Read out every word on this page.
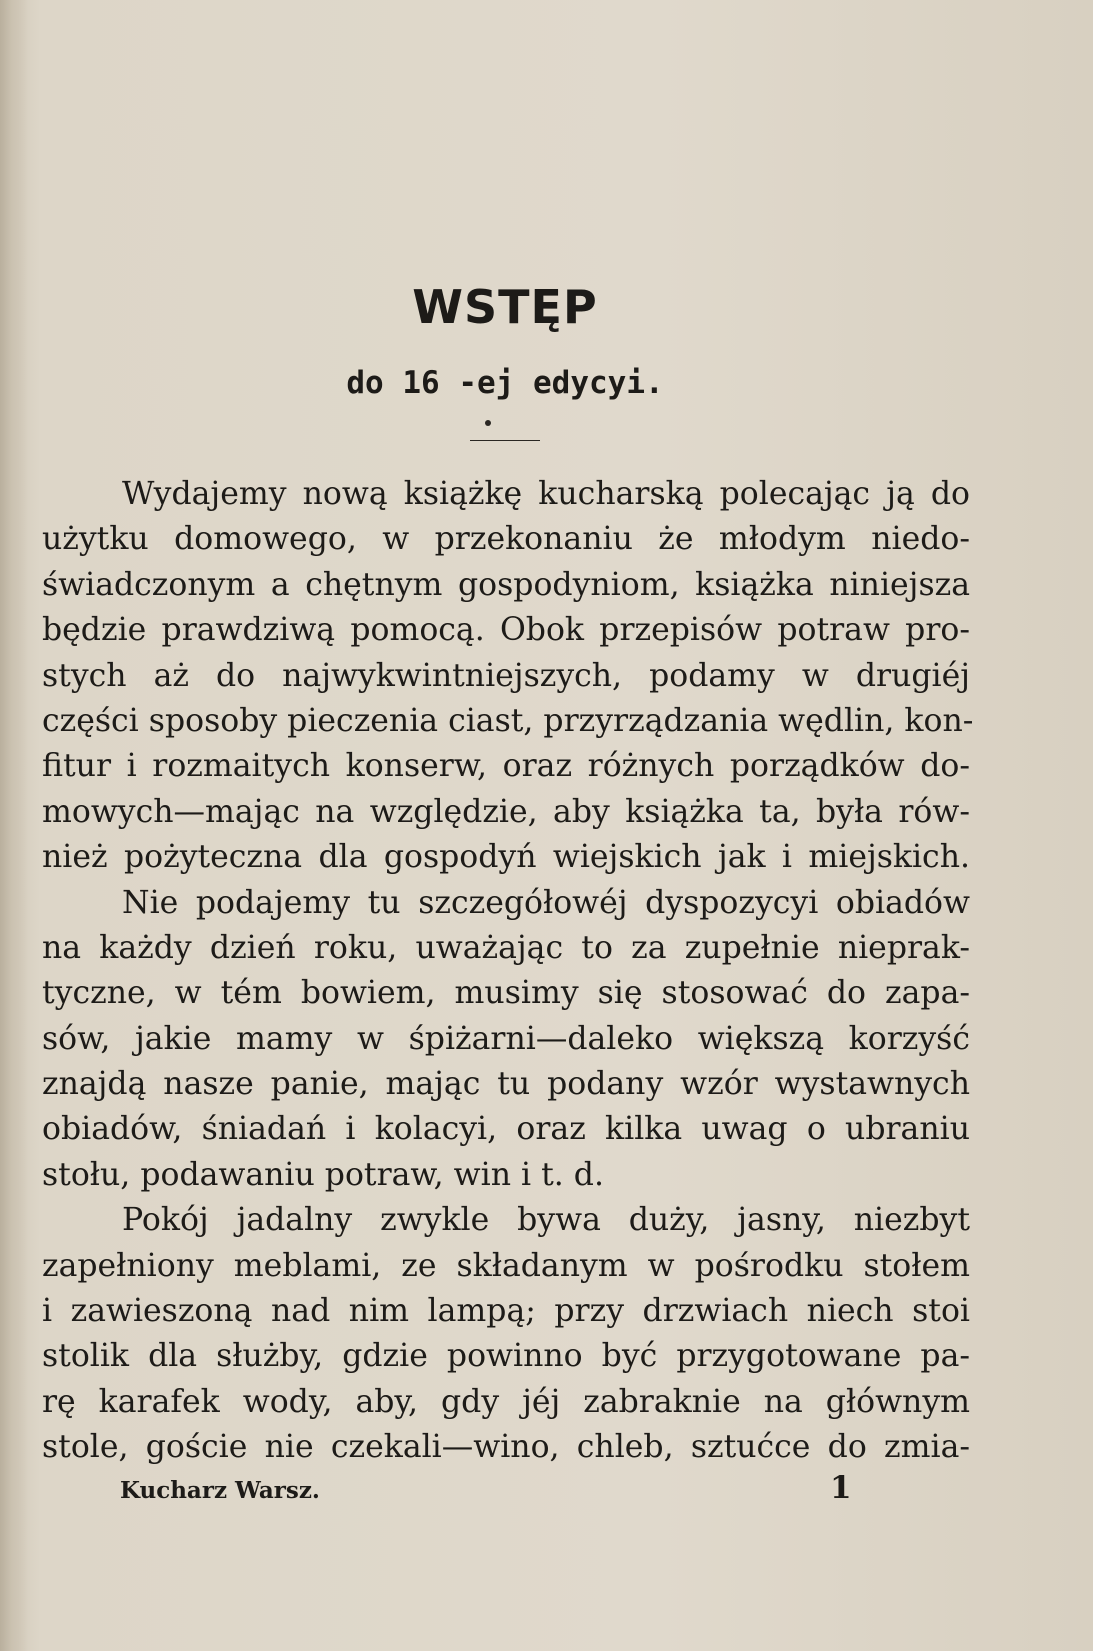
WSTĘP
do 16 -ej edycyi.
Wydajemy nową książkę kucharską polecając ją do
użytku domowego, w przekonaniu że młodym niedo-
świadczonym a chętnym gospodyniom, książka niniejsza
będzie prawdziwą pomocą. Obok przepisów potraw pro-
stych aż do najwykwintniejszych, podamy w drugiéj
części sposoby pieczenia ciast, przyrządzania wędlin, kon-
fitur i rozmaitych konserw, oraz różnych porządków do-
mowych—mając na względzie, aby książka ta, była rów-
nież pożyteczna dla gospodyń wiejskich jak i miejskich.
Nie podajemy tu szczegółowéj dyspozycyi obiadów
na każdy dzień roku, uważając to za zupełnie nieprak-
tyczne, w tém bowiem, musimy się stosować do zapa-
sów, jakie mamy w śpiżarni—daleko większą korzyść
znajdą nasze panie, mając tu podany wzór wystawnych
obiadów, śniadań i kolacyi, oraz kilka uwag o ubraniu
stołu, podawaniu potraw, win i t. d.
Pokój jadalny zwykle bywa duży, jasny, niezbyt
zapełniony meblami, ze składanym w pośrodku stołem
i zawieszoną nad nim lampą; przy drzwiach niech stoi
stolik dla służby, gdzie powinno być przygotowane pa-
rę karafek wody, aby, gdy jéj zabraknie na głównym
stole, goście nie czekali—wino, chleb, sztućce do zmia-
Kucharz Warsz.	1
